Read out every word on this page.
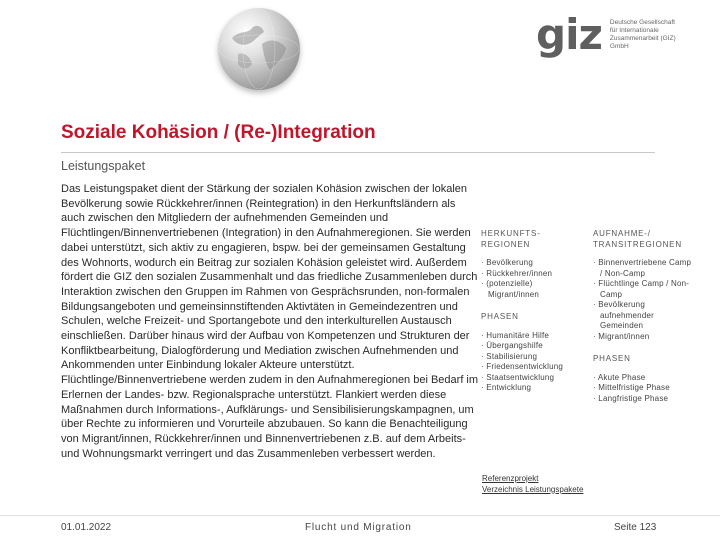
giz Deutsche Gesellschaft
für Internationale
Zusammenarbeit (GIZ) GmbH
Soziale Kohäsion / (Re-)Integration
Leistungspaket

Das Leistungspaket dient der Stärkung der sozialen Kohäsion zwischen der lokalen Bevölkerung sowie Rückkehrer/innen (Reintegration) in den Herkunftsländern als auch zwischen den Mitgliedern der aufnehmenden Gemeinden und Flüchtlingen/Binnenvertriebenen (Integration) in den Aufnahmeregionen. Sie werden dabei unterstützt, sich aktiv zu engagieren, bspw. bei der gemeinsamen Gestaltung des Wohnorts, wodurch ein Beitrag zur sozialen Kohäsion geleistet wird. Außerdem fördert die GIZ den sozialen Zusammenhalt und das friedliche Zusammenleben durch Interaktion zwischen den Gruppen im Rahmen von Gesprächsrunden, non-formalen Bildungsangeboten und gemeinsinnstiftenden Aktivtäten in Gemeindezentren und Schulen, welche Freizeit- und Sportangebote und den interkulturellen Austausch einschließen. Darüber hinaus wird der Aufbau von Kompetenzen und Strukturen der Konfliktbearbeitung, Dialogförderung und Mediation zwischen Aufnehmenden und Ankommenden unter Einbindung lokaler Akteure unterstützt. Flüchtlinge/Binnenvertriebene werden zudem in den Aufnahmeregionen bei Bedarf im Erlernen der Landes- bzw. Regionalsprache unterstützt. Flankiert werden diese Maßnahmen durch Informations-, Aufklärungs- und Sensibilisierungskampagnen, um über Rechte zu informieren und Vorurteile abzubauen. So kann die Benachteiligung von Migrant/innen, Rückkehrer/innen und Binnenvertriebenen z.B. auf dem Arbeits- und Wohnungsmarkt verringert und das Zusammenleben verbessert werden.

HERKUNFTS-REGIONEN
· Bevölkerung
· Rückkehrer/innen
· (potenzielle) Migrant/innen
PHASEN
· Humanitäre Hilfe
· Übergangshilfe
· Stabilisierung
· Friedensentwicklung
· Staatsentwicklung
· Entwicklung
AUFNAHME-/ TRANSITREGIONEN
· Binnenvertriebene Camp / Non-Camp
· Flüchtlinge Camp / Non-Camp
· Bevölkerung aufnehmender Gemeinden
· Migrant/innen
PHASEN
· Akute Phase
· Mittelfristige Phase
· Langfristige Phase
Referenzprojekt
Verzeichnis Leistungspakete
01.01.2022	Flucht und Migration	Seite 123
